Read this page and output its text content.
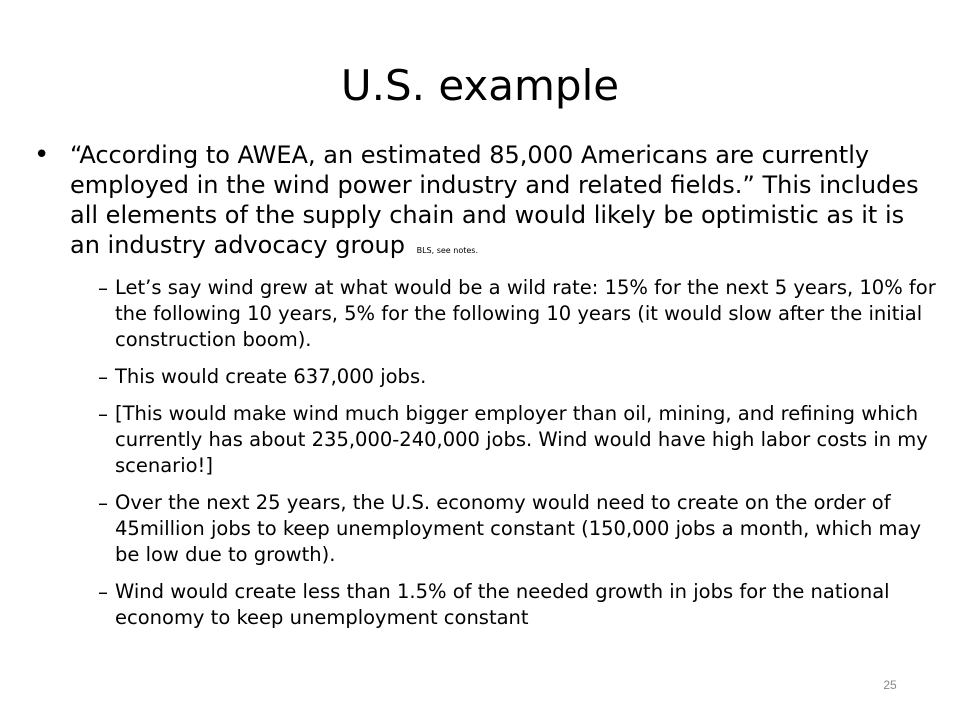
U.S. example
• “According to AWEA, an estimated 85,000 Americans are currently employed in the wind power industry and related fields.” This includes all elements of the supply chain and would likely be optimistic as it is an industry advocacy group BLS, see notes.
– Let’s say wind grew at what would be a wild rate: 15% for the next 5 years, 10% for the following 10 years, 5% for the following 10 years (it would slow after the initial construction boom).
– This would create 637,000 jobs.
– [This would make wind much bigger employer than oil, mining, and refining which currently has about 235,000-240,000 jobs. Wind would have high labor costs in my scenario!]
– Over the next 25 years, the U.S. economy would need to create on the order of 45million jobs to keep unemployment constant (150,000 jobs a month, which may be low due to growth).
– Wind would create less than 1.5% of the needed growth in jobs for the national economy to keep unemployment constant
25
